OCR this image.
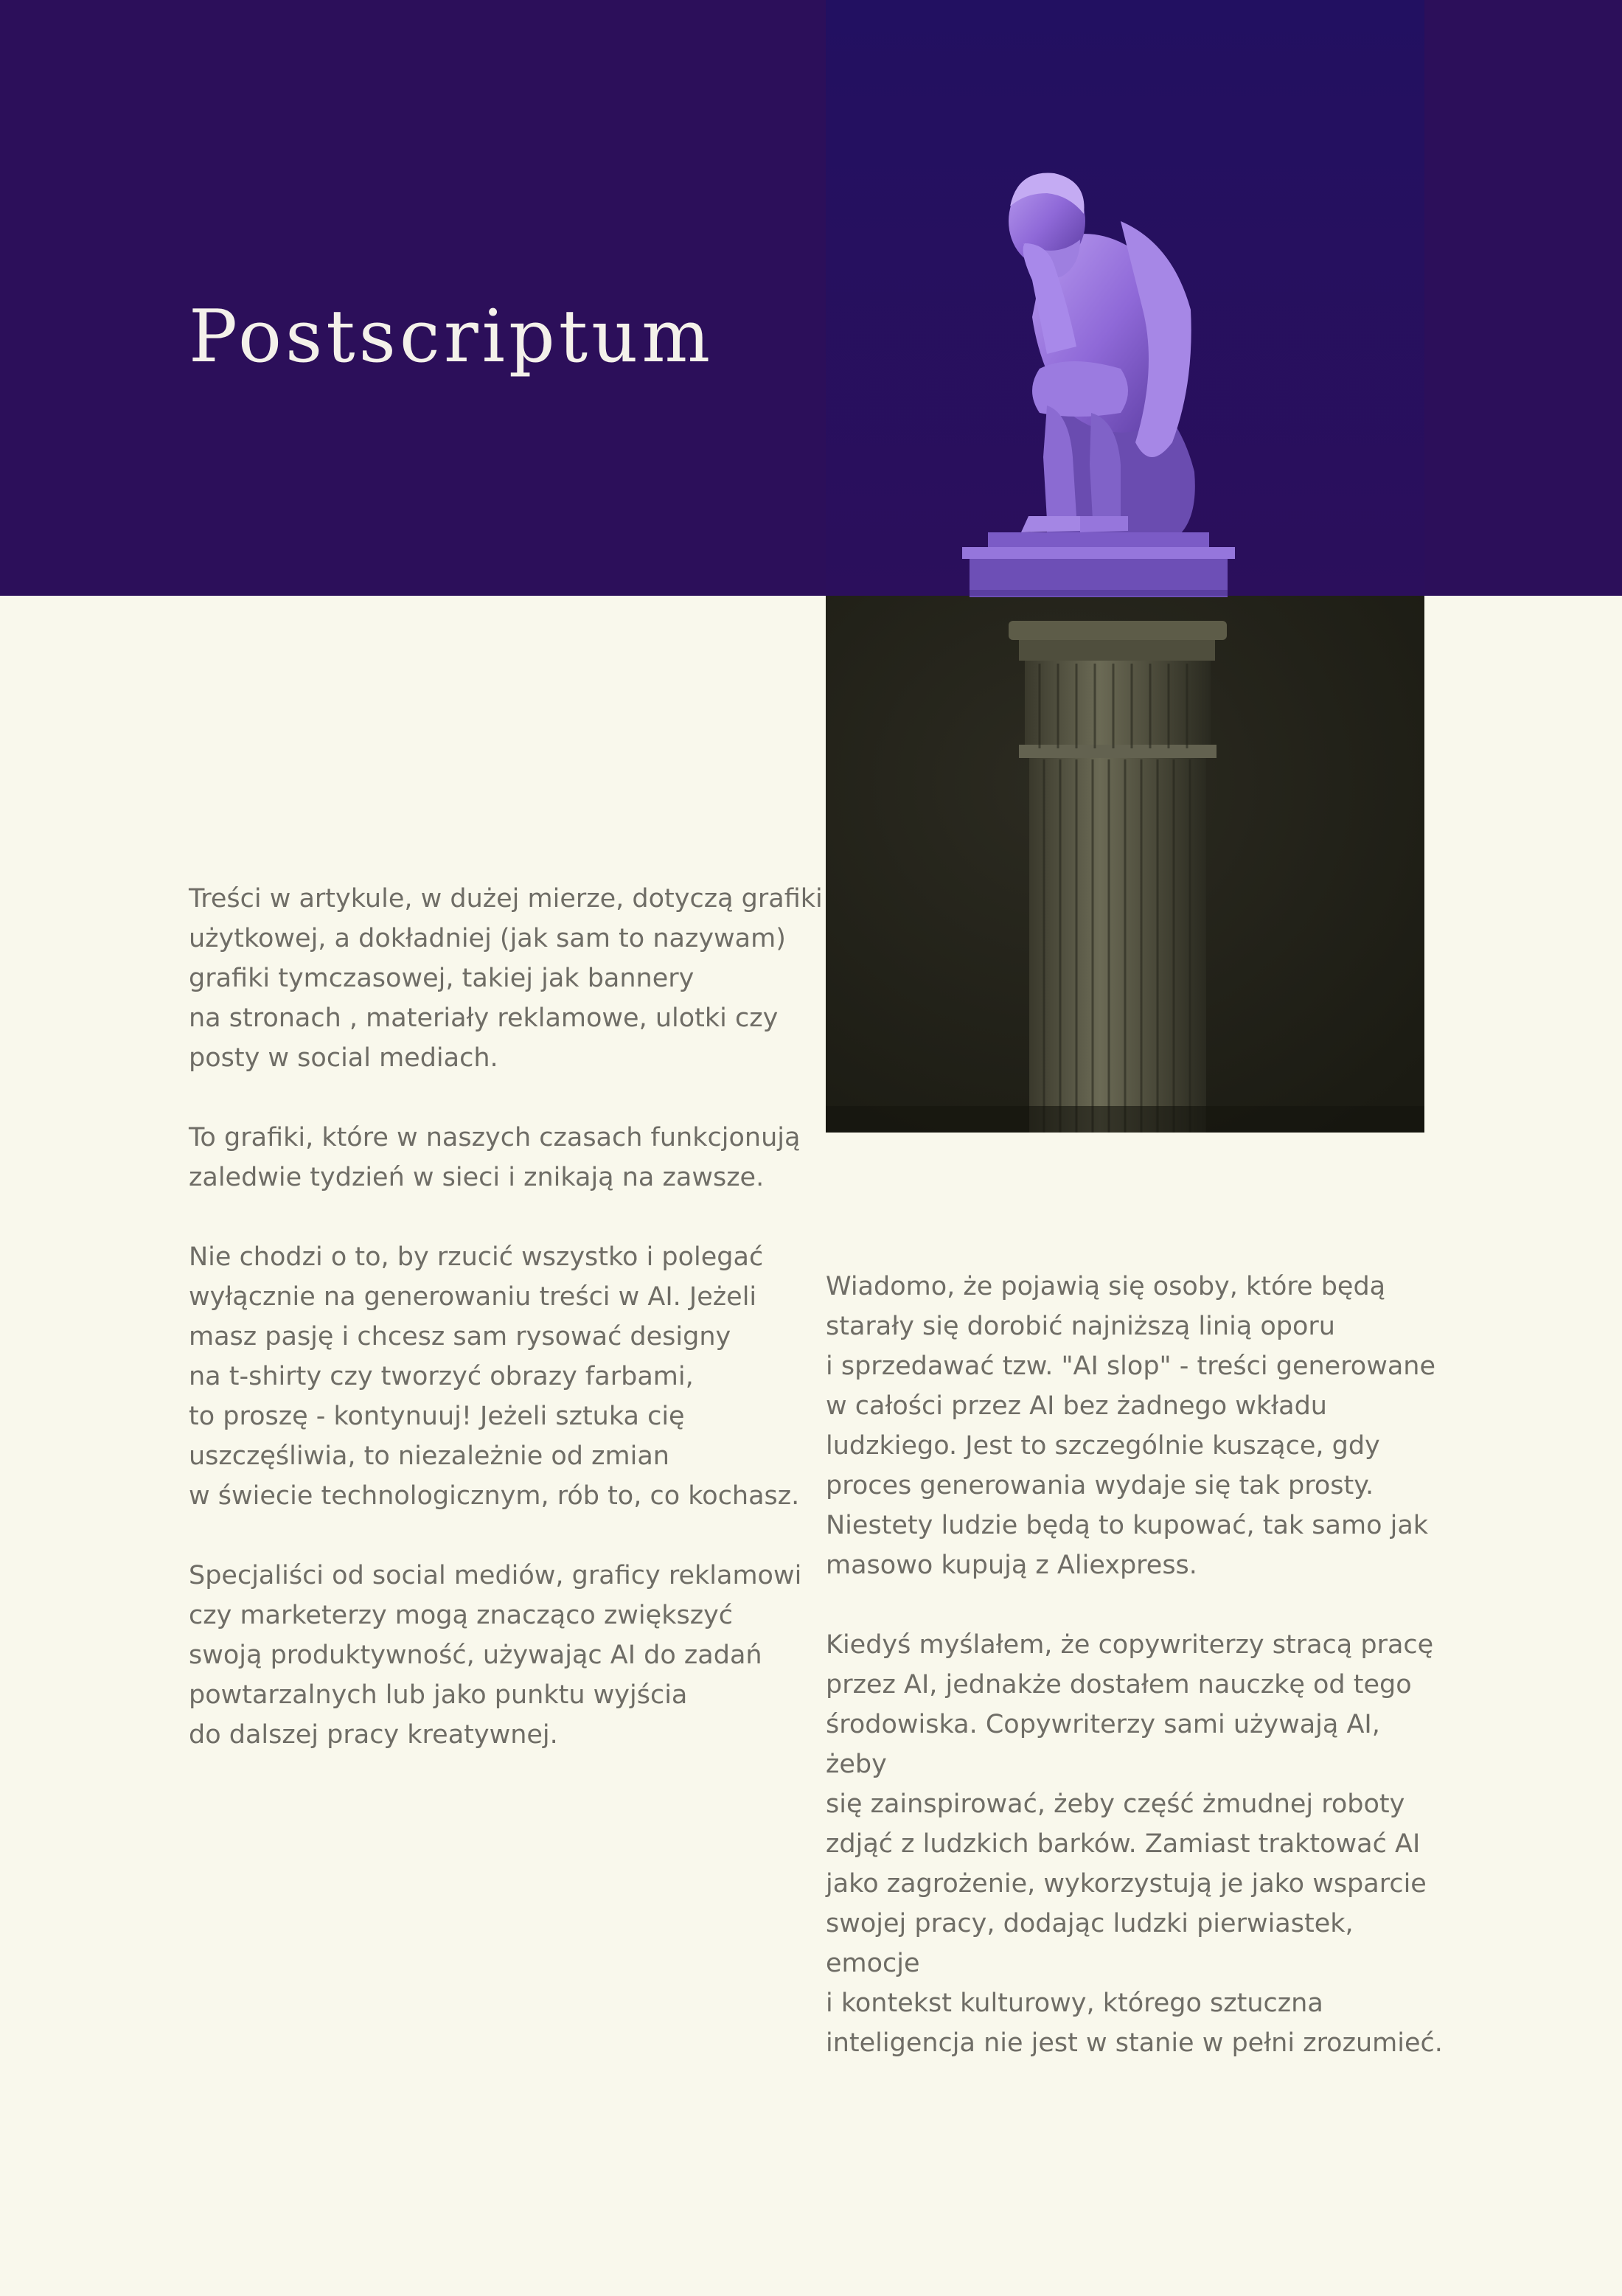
Postscriptum

Treści w artykule, w dużej mierze, dotyczą grafiki
użytkowej, a dokładniej (jak sam to nazywam)
grafiki tymczasowej, takiej jak bannery
na stronach , materiały reklamowe, ulotki czy
posty w social mediach.

To grafiki, które w naszych czasach funkcjonują
zaledwie tydzień w sieci i znikają na zawsze.

Nie chodzi o to, by rzucić wszystko i polegać
wyłącznie na generowaniu treści w AI. Jeżeli
masz pasję i chcesz sam rysować designy
na t-shirty czy tworzyć obrazy farbami,
to proszę - kontynuuj! Jeżeli sztuka cię
uszczęśliwia, to niezależnie od zmian
w świecie technologicznym, rób to, co kochasz.

Specjaliści od social mediów, graficy reklamowi
czy marketerzy mogą znacząco zwiększyć
swoją produktywność, używając AI do zadań
powtarzalnych lub jako punktu wyjścia
do dalszej pracy kreatywnej.

Wiadomo, że pojawią się osoby, które będą
starały się dorobić najniższą linią oporu
i sprzedawać tzw. "AI slop" - treści generowane
w całości przez AI bez żadnego wkładu
ludzkiego. Jest to szczególnie kuszące, gdy
proces generowania wydaje się tak prosty.
Niestety ludzie będą to kupować, tak samo jak
masowo kupują z Aliexpress.

Kiedyś myślałem, że copywriterzy stracą pracę
przez AI, jednakże dostałem nauczkę od tego
środowiska. Copywriterzy sami używają AI, żeby
się zainspirować, żeby część żmudnej roboty
zdjąć z ludzkich barków. Zamiast traktować AI
jako zagrożenie, wykorzystują je jako wsparcie
swojej pracy, dodając ludzki pierwiastek, emocje
i kontekst kulturowy, którego sztuczna
inteligencja nie jest w stanie w pełni zrozumieć.
